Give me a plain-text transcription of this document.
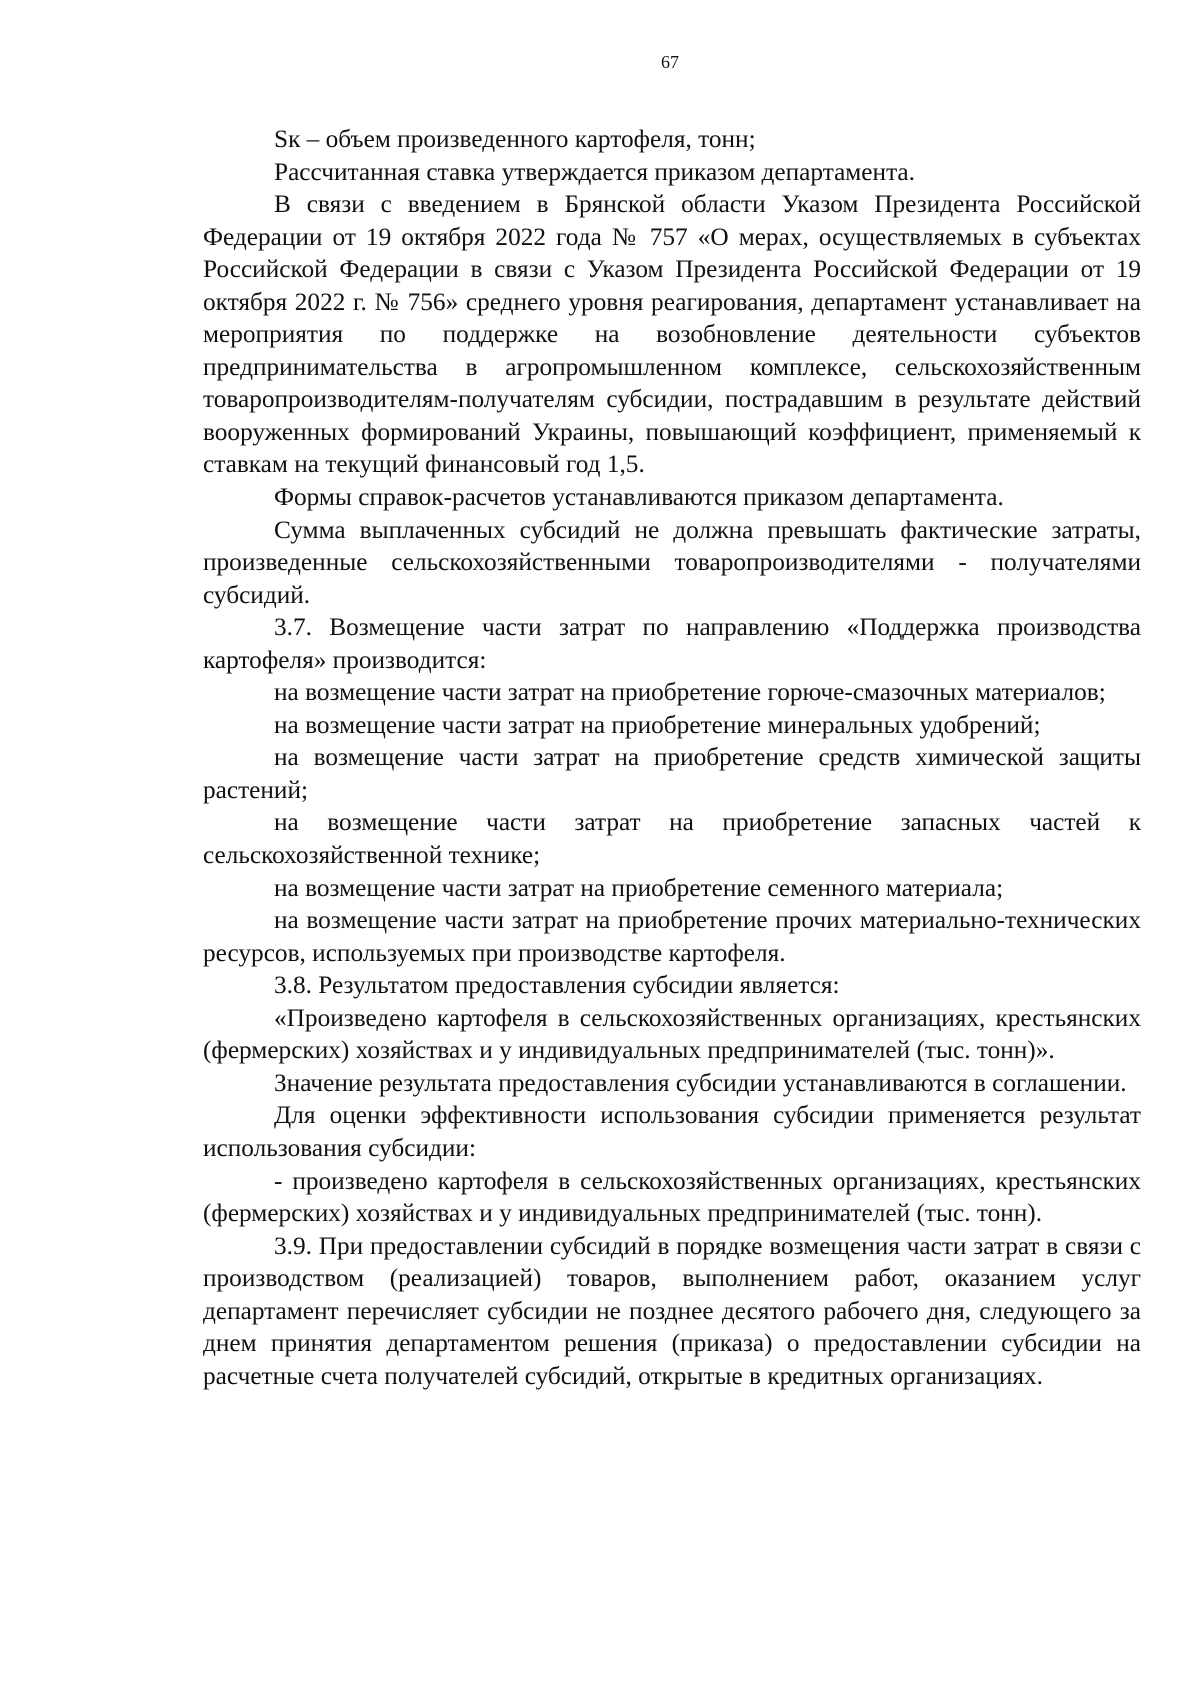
67

Sк – объем произведенного картофеля, тонн;

Рассчитанная ставка утверждается приказом департамента.

В связи с введением в Брянской области Указом Президента Российской Федерации от 19 октября 2022 года № 757 «О мерах, осуществляемых в субъектах Российской Федерации в связи с Указом Президента Российской Федерации от 19 октября 2022 г. № 756» среднего уровня реагирования, департамент устанавливает на мероприятия по поддержке на возобновление деятельности субъектов предпринимательства в агропромышленном комплексе, сельскохозяйственным товаропроизводителям-получателям субсидии, пострадавшим в результате действий вооруженных формирований Украины, повышающий коэффициент, применяемый к ставкам на текущий финансовый год 1,5.

Формы справок-расчетов устанавливаются приказом департамента.

Сумма выплаченных субсидий не должна превышать фактические затраты, произведенные сельскохозяйственными товаропроизводителями - получателями субсидий.

3.7. Возмещение части затрат по направлению «Поддержка производства картофеля» производится:

на возмещение части затрат на приобретение горюче-смазочных материалов;

на возмещение части затрат на приобретение минеральных удобрений;

на возмещение части затрат на приобретение средств химической защиты растений;

на возмещение части затрат на приобретение запасных частей к сельскохозяйственной технике;

на возмещение части затрат на приобретение семенного материала;

на возмещение части затрат на приобретение прочих материально-технических ресурсов, используемых при производстве картофеля.

3.8. Результатом предоставления субсидии является:

«Произведено картофеля в сельскохозяйственных организациях, крестьянских (фермерских) хозяйствах и у индивидуальных предпринимателей (тыс. тонн)».

Значение результата предоставления субсидии устанавливаются в соглашении.

Для оценки эффективности использования субсидии применяется результат использования субсидии:

- произведено картофеля в сельскохозяйственных организациях, крестьянских (фермерских) хозяйствах и у индивидуальных предпринимателей (тыс. тонн).

3.9. При предоставлении субсидий в порядке возмещения части затрат в связи с производством (реализацией) товаров, выполнением работ, оказанием услуг департамент перечисляет субсидии не позднее десятого рабочего дня, следующего за днем принятия департаментом решения (приказа) о предоставлении субсидии на расчетные счета получателей субсидий, открытые в кредитных организациях.
